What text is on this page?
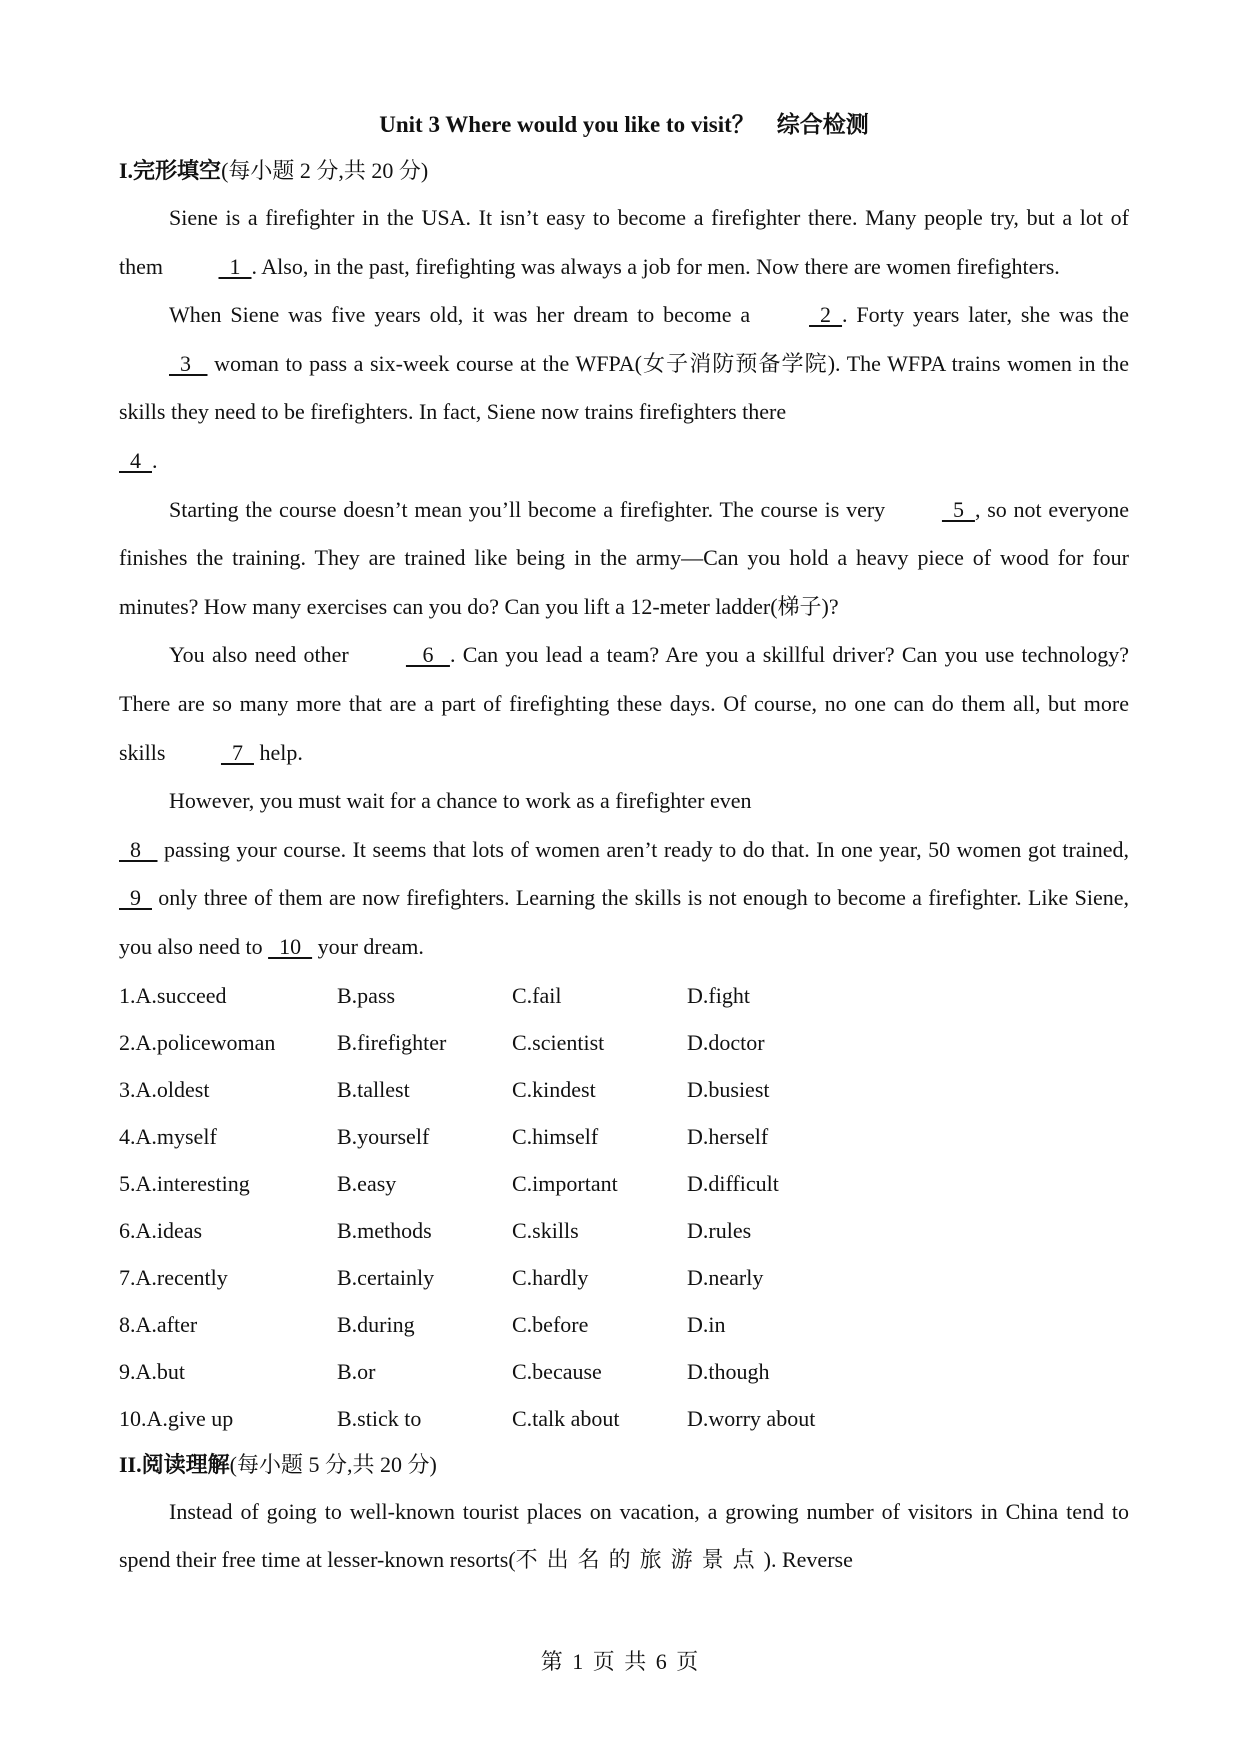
Unit 3 Where would you like to visit？ 综合检测
I.完形填空(每小题 2 分,共 20 分)

Siene is a firefighter in the USA. It isn’t easy to become a firefighter there. Many people try, but a lot of them   1  . Also, in the past, firefighting was always a job for men. Now there are women firefighters.

When Siene was five years old, it was her dream to become a   2  . Forty years later, she was the   3    woman to pass a six-week course at the WFPA(女子消防预备学院). The WFPA trains women in the skills they need to be firefighters. In fact, Siene now trains firefighters there

4  .

Starting the course doesn’t mean you’ll become a firefighter. The course is very   5  , so not everyone finishes the training. They are trained like being in the army—Can you hold a heavy piece of wood for four minutes? How many exercises can you do? Can you lift a 12-meter ladder(梯子)?

You also need other    6   . Can you lead a team? Are you a skillful driver? Can you use technology? There are so many more that are a part of firefighting these days. Of course, no one can do them all, but more skills   7   help.

However, you must wait for a chance to work as a firefighter even

8    passing your course. It seems that lots of women aren’t ready to do that. In one year, 50 women got trained,   9   only three of them are now firefighters. Learning the skills is not enough to become a firefighter. Like Siene, you also need to   10   your dream.

1.A.succeed	B.pass	C.fail	D.fight
2.A.policewoman	B.firefighter	C.scientist	D.doctor
3.A.oldest	B.tallest	C.kindest	D.busiest
4.A.myself	B.yourself	C.himself	D.herself
5.A.interesting	B.easy	C.important	D.difficult
6.A.ideas	B.methods	C.skills	D.rules
7.A.recently	B.certainly	C.hardly	D.nearly
8.A.after	B.during	C.before	D.in
9.A.but	B.or	C.because	D.though
10.A.give up	B.stick to	C.talk about	D.worry about
II.阅读理解(每小题 5 分,共 20 分)

Instead of going to well-known tourist places on vacation, a growing number of visitors in China tend to spend their free time at lesser-known resorts(不出名的旅游景点). Reverse

第 1 页 共 6 页
